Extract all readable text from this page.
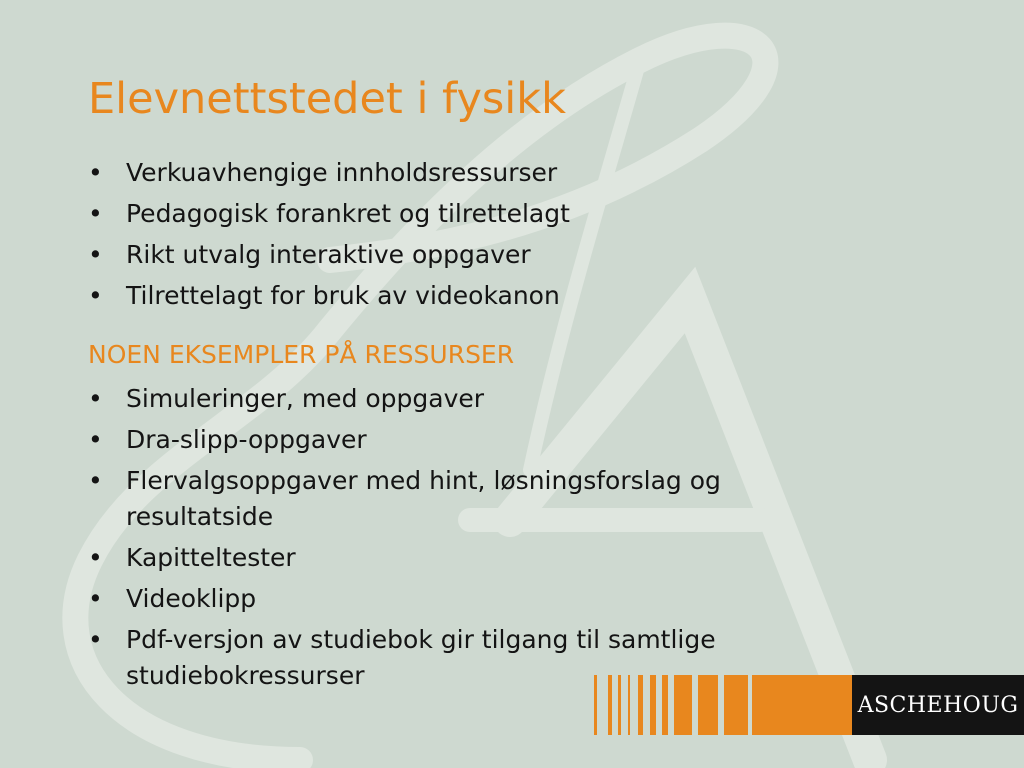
Elevnettstedet i fysikk
• Verkuavhengige innholdsressurser
• Pedagogisk forankret og tilrettelagt
• Rikt utvalg interaktive oppgaver
• Tilrettelagt for bruk av videokanon
NOEN EKSEMPLER PÅ RESSURSER
• Simuleringer, med oppgaver
• Dra-slipp-oppgaver
• Flervalgsoppgaver med hint, løsningsforslag og resultatside
• Kapitteltester
• Videoklipp
• Pdf-versjon av studiebok gir tilgang til samtlige studiebokressurser
ASCHEHOUG
